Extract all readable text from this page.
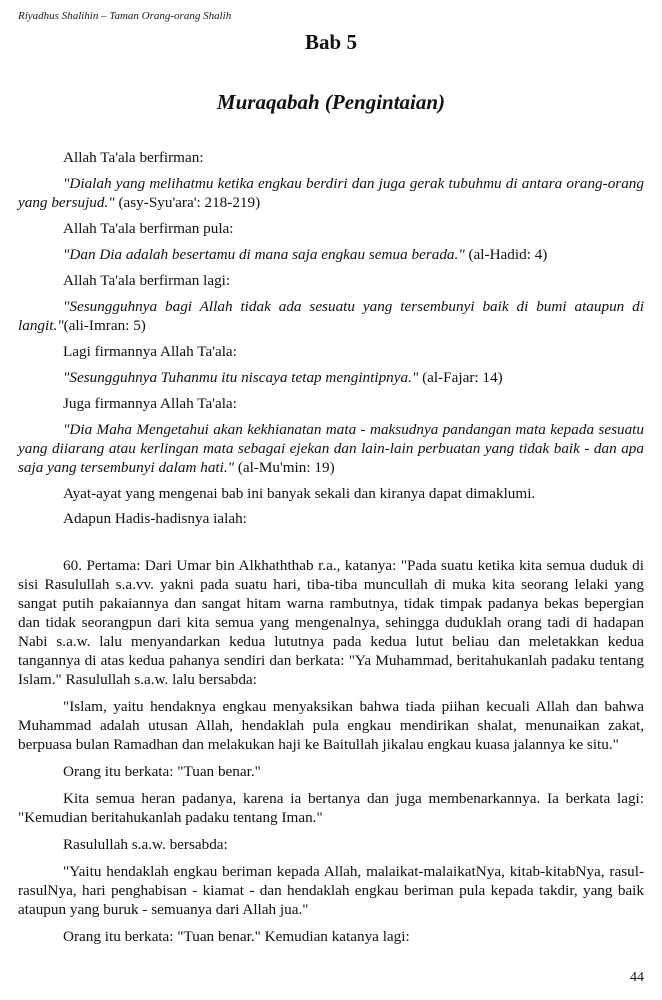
Riyadhus Shalihin – Taman Orang-orang Shalih
Bab 5
Muraqabah (Pengintaian)

Allah Ta'ala berfirman:

"Dialah yang melihatmu ketika engkau berdiri dan juga gerak tubuhmu di antara orang-orang yang bersujud." (asy-Syu'ara': 218-219)

Allah Ta'ala berfirman pula:

"Dan Dia adalah besertamu di mana saja engkau semua berada." (al-Hadid: 4)

Allah Ta'ala berfirman lagi:

"Sesungguhnya bagi Allah tidak ada sesuatu yang tersembunyi baik di bumi ataupun di langit."(ali-Imran: 5)

Lagi firmannya Allah Ta'ala:

"Sesungguhnya Tuhanmu itu niscaya tetap mengintipnya." (al-Fajar: 14)

Juga firmannya Allah Ta'ala:

"Dia Maha Mengetahui akan kekhianatan mata - maksudnya pandangan mata kepada sesuatu yang diiarang atau kerlingan mata sebagai ejekan dan lain-lain perbuatan yang tidak baik - dan apa saja yang tersembunyi dalam hati." (al-Mu'min: 19)

Ayat-ayat yang mengenai bab ini banyak sekali dan kiranya dapat dimaklumi.

Adapun Hadis-hadisnya ialah:

60. Pertama: Dari Umar bin Alkhaththab r.a., katanya: "Pada suatu ketika kita semua duduk di sisi Rasulullah s.a.vv. yakni pada suatu hari, tiba-tiba muncullah di muka kita seorang lelaki yang sangat putih pakaiannya dan sangat hitam warna rambutnya, tidak timpak padanya bekas bepergian dan tidak seorangpun dari kita semua yang mengenalnya, sehingga duduklah orang tadi di hadapan Nabi s.a.w. lalu menyandarkan kedua lututnya pada kedua lutut beliau dan meletakkan kedua tangannya di atas kedua pahanya sendiri dan berkata: "Ya Muhammad, beritahukanlah padaku tentang Islam." Rasulullah s.a.w. lalu bersabda:

"Islam, yaitu hendaknya engkau menyaksikan bahwa tiada piihan kecuali Allah dan bahwa Muhammad adalah utusan Allah, hendaklah pula engkau mendirikan shalat, menunaikan zakat, berpuasa bulan Ramadhan dan melakukan haji ke Baitullah jikalau engkau kuasa jalannya ke situ."

Orang itu berkata: "Tuan benar."

Kita semua heran padanya, karena ia bertanya dan juga membenarkannya. Ia berkata lagi: "Kemudian beritahukanlah padaku tentang Iman."

Rasulullah s.a.w. bersabda:

"Yaitu hendaklah engkau beriman kepada Allah, malaikat-malaikatNya, kitab-kitabNya, rasul-rasulNya, hari penghabisan - kiamat - dan hendaklah engkau beriman pula kepada takdir, yang baik ataupun yang buruk - semuanya dari Allah jua."

Orang itu berkata: "Tuan benar." Kemudian katanya lagi:

44
